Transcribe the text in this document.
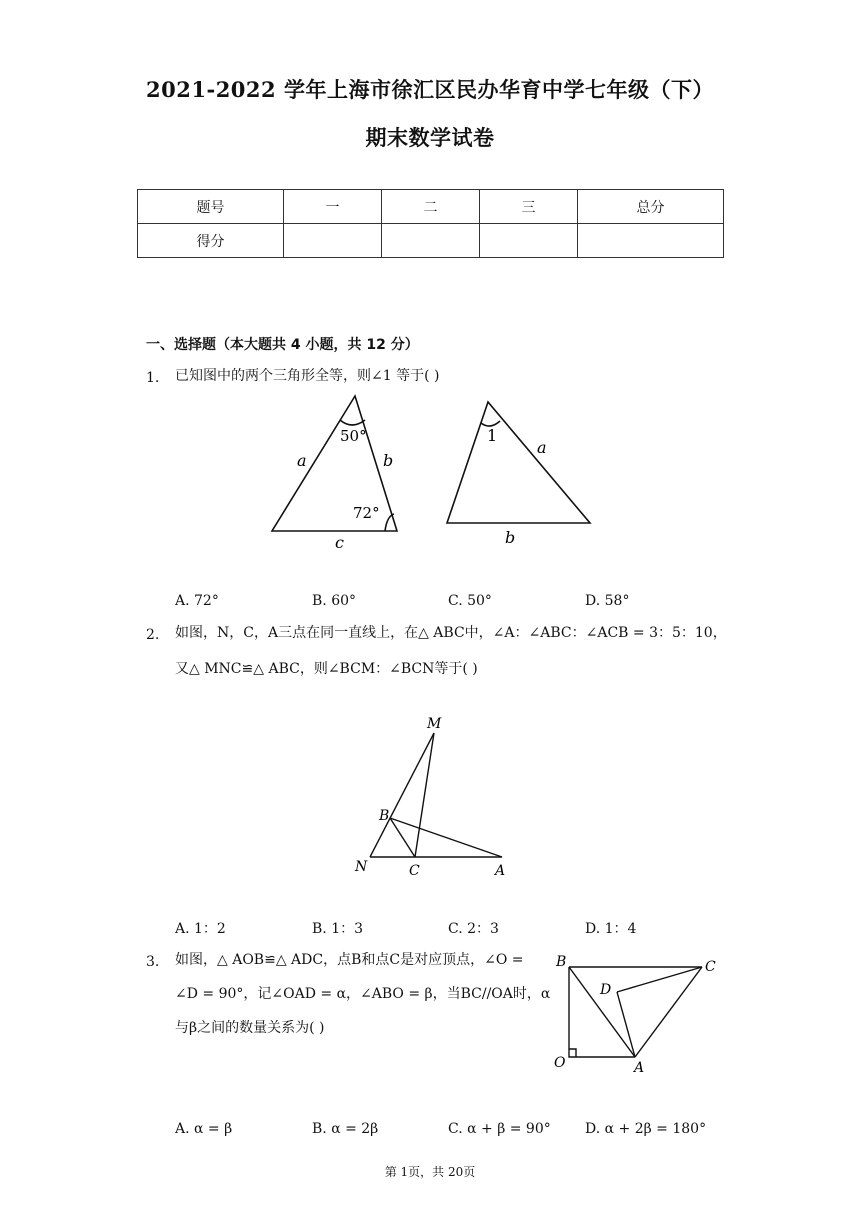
2021-2022 学年上海市徐汇区民办华育中学七年级（下）
期末数学试卷
题号	一	二	三	总分
得分				
一、选择题（本大题共 4 小题，共 12 分）
1. 已知图中的两个三角形全等，则∠1 等于( )
50°
72°
a	b
c
1
a
b
A. 72°	B. 60°	C. 50°	D. 58°
2. 如图，N，C，A三点在同一直线上，在△ ABC中，∠A：∠ABC：∠ACB = 3：5：10，
又△ MNC≌△ ABC，则∠BCM：∠BCN等于( )
M
B
N	C	A
A. 1：2	B. 1：3	C. 2：3	D. 1：4
3. 如图，△ AOB≌△ ADC，点B和点C是对应顶点，∠O =
∠D = 90°，记∠OAD = α，∠ABO = β，当BC//OA时，α
与β之间的数量关系为( )
B	C
D
O	A
A. α = β	B. α = 2β	C. α + β = 90° D. α + 2β = 180°
第 1页，共 20页
